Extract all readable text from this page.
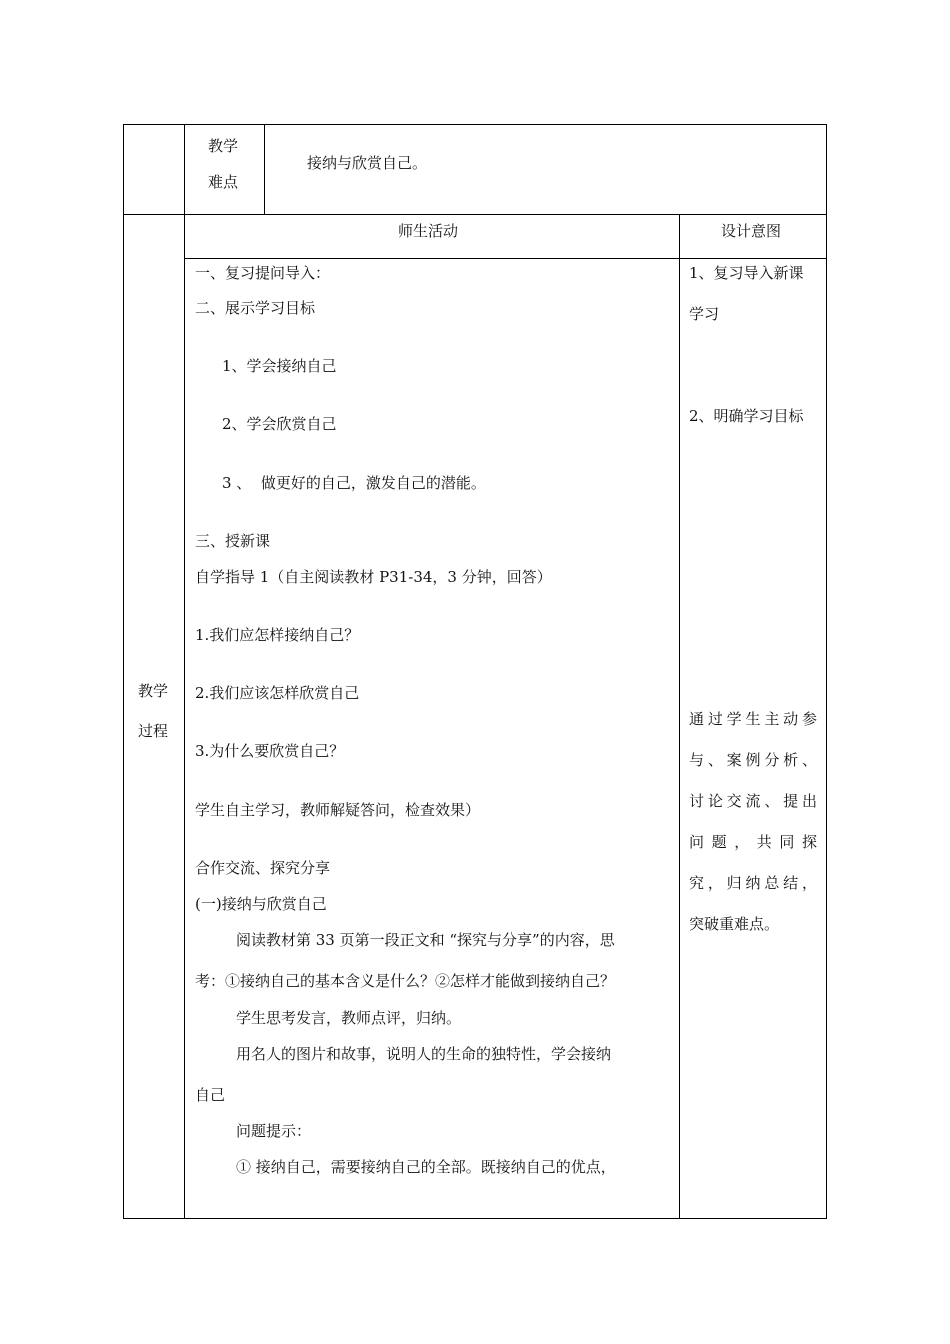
教学
难点
接纳与欣赏自己。
教学
过程
师生活动	设计意图
一、复习提问导入：
二、展示学习目标
1、学会接纳自己
2、学会欣赏自己
3 、  做更好的自己，激发自己的潜能。
三、授新课
自学指导 1（自主阅读教材 P31-34，3 分钟，回答）
1.我们应怎样接纳自己？
2.我们应该怎样欣赏自己
3.为什么要欣赏自己？
学生自主学习，教师解疑答问，检查效果）
合作交流、探究分享
(一)接纳与欣赏自己
阅读教材第 33 页第一段正文和 “探究与分享”的内容，思
考：①接纳自己的基本含义是什么？②怎样才能做到接纳自己？
学生思考发言，教师点评，归纳。
用名人的图片和故事，说明人的生命的独特性，学会接纳
自己
问题提示：
① 接纳自己，需要接纳自己的全部。既接纳自己的优点，
1、复习导入新课
学习
2、明确学习目标
通过学生主动参
与、案例分析、
讨论交流、提出
问 题 ， 共 同 探
究，归纳总结，
突破重难点。
